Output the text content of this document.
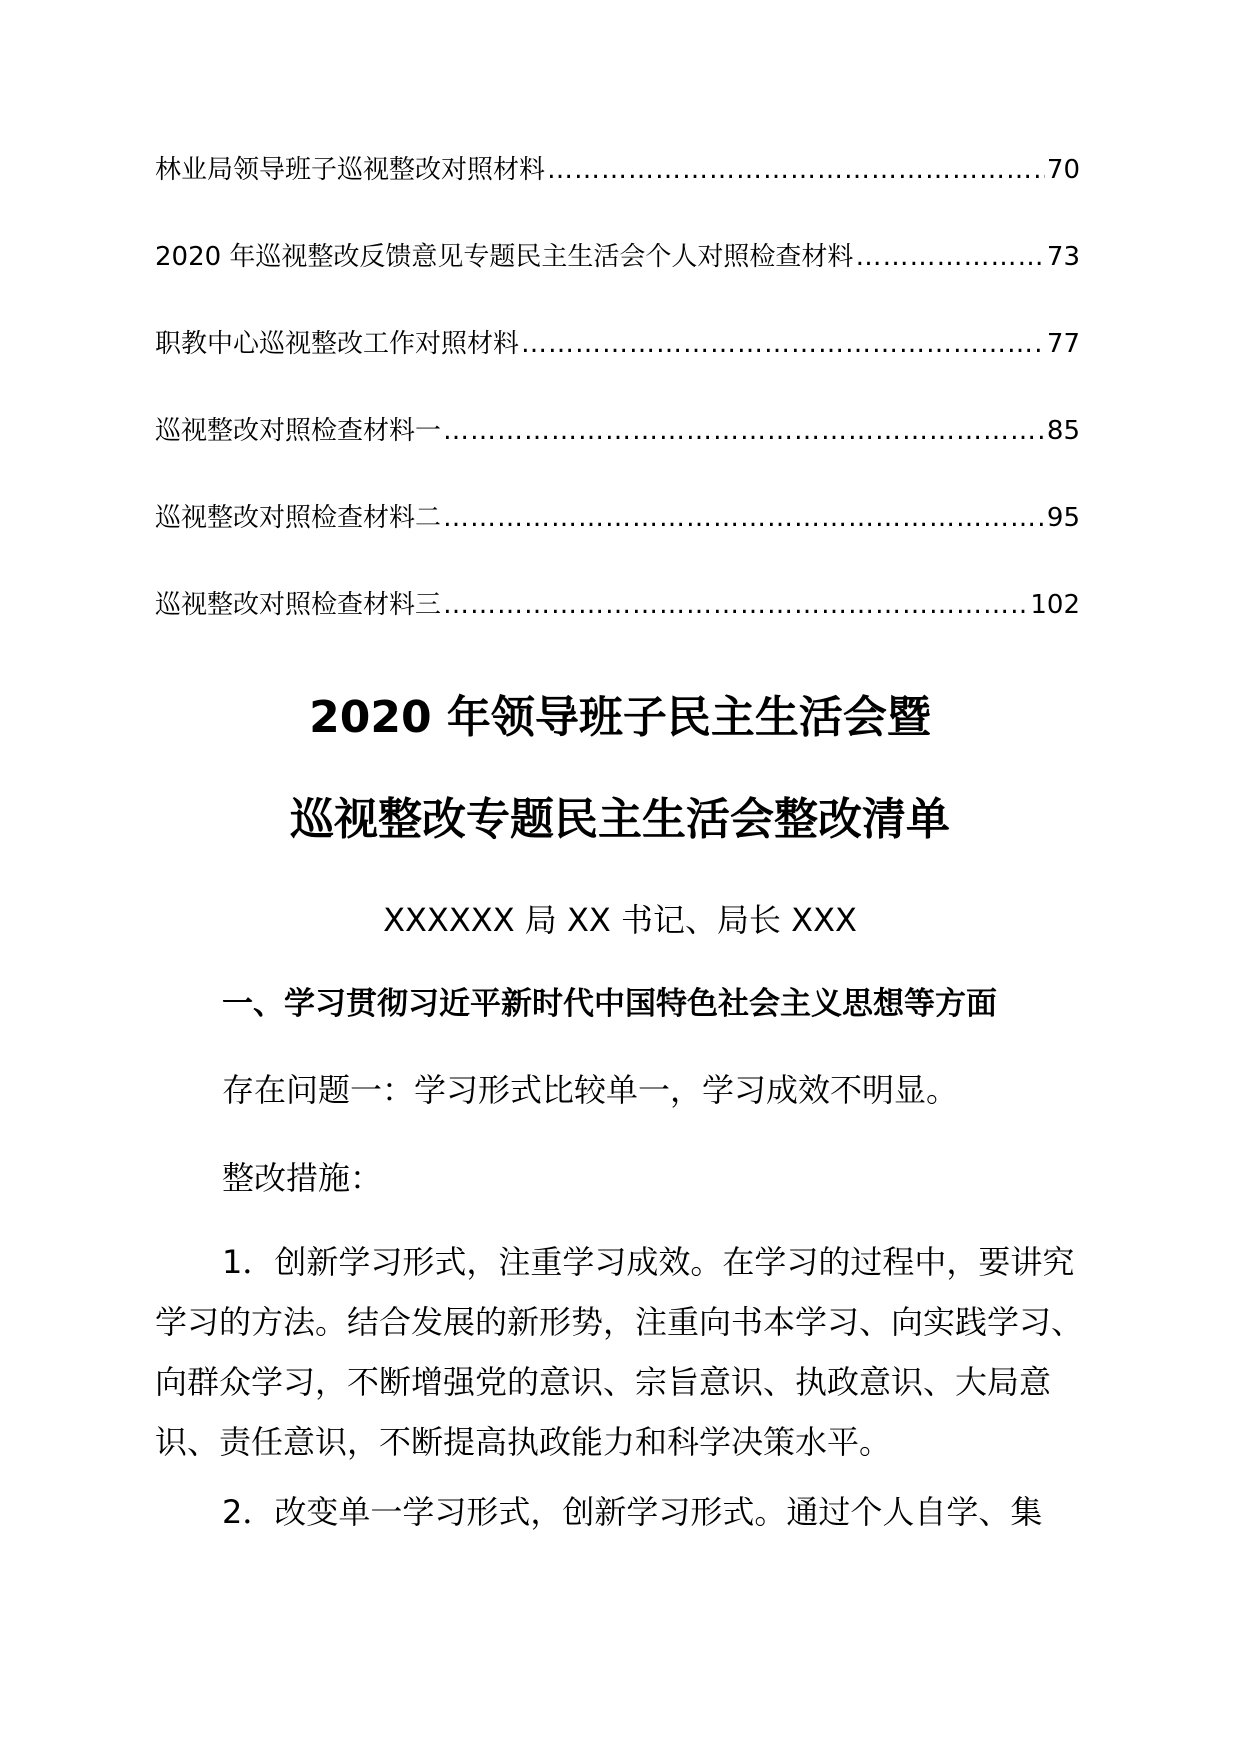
林业局领导班子巡视整改对照材料 …………………………………………………………………………………………	70
2020 年巡视整改反馈意见专题民主生活会个人对照检查材料 …………………………………………………………………………………………	73
职教中心巡视整改工作对照材料 …………………………………………………………………………………………	77
巡视整改对照检查材料一 …………………………………………………………………………………………	85
巡视整改对照检查材料二 …………………………………………………………………………………………	95
巡视整改对照检查材料三 …………………………………………………………………………………………	102
2020 年领导班子民主生活会暨
巡视整改专题民主生活会整改清单
XXXXXX 局 XX 书记、局长 XXX
一、学习贯彻习近平新时代中国特色社会主义思想等方面
存在问题一：学习形式比较单一，学习成效不明显。
整改措施：

1．创新学习形式，注重学习成效。在学习的过程中，要讲究学习的方法。结合发展的新形势，注重向书本学习、向实践学习、向群众学习，不断增强党的意识、宗旨意识、执政意识、大局意识、责任意识，不断提高执政能力和科学决策水平。

2．改变单一学习形式，创新学习形式。通过个人自学、集
